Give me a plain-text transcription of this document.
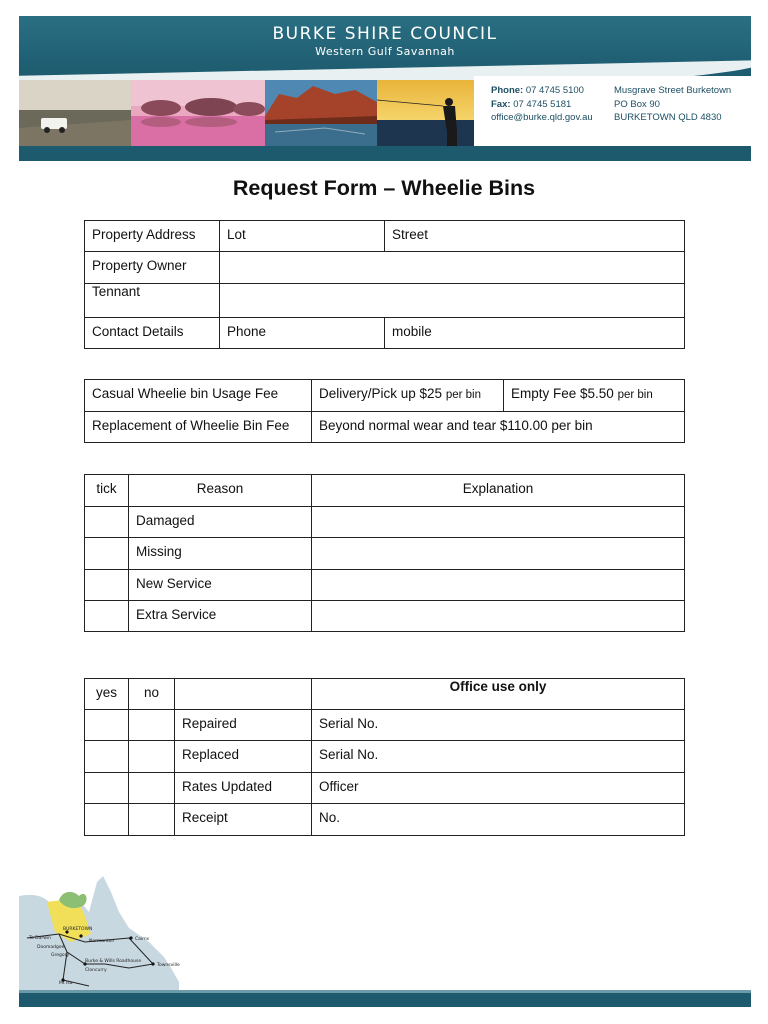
BURKE SHIRE COUNCIL
Western Gulf Savannah
Phone: 07 4745 5100
Fax: 07 4745 5181
office@burke.qld.gov.au
Musgrave Street Burketown
PO Box 90
BURKETOWN QLD 4830
Request Form – Wheelie Bins
Property Address	Lot	Street
Property Owner		
Tennant		
Contact Details	Phone	mobile
Casual Wheelie bin Usage Fee	Delivery/Pick up $25 per bin	Empty Fee $5.50 per bin
Replacement of Wheelie Bin Fee	Beyond normal wear and tear $110.00 per bin	
tick	Reason	Explanation
	Damaged	
	Missing	
	New Service	
	Extra Service	
yes	no		Office use only
		Repaired	Serial No.
		Replaced	Serial No.
		Rates Updated	Officer
		Receipt	No.
To Darwin
BURKETOWN
Doomadgee
Normanton	Cairns
Gregory
Burke & Wills Roadhouse
Townsville
Cloncurry
Mt Isa
